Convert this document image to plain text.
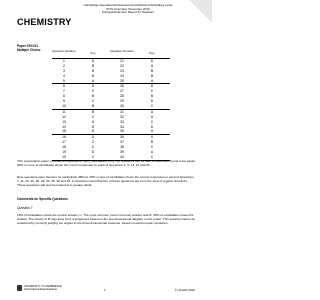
Cambridge International Advanced and Advanced Subsidiary Level
9701 Chemistry November 2010
Principal Examiner Report for Teachers
CHEMISTRY
Paper 9701/11
Multiple Choice	Question Number	Key	Question Number	Key
1	D	21	D
2	B	22	A
3	B	23	B
4	D	24	B
5	A	25	A
6	D	26	D
7	C	27	C
8	B	28	B
9	C	29	D
10	B	30	C
11	B	31	A
12	C	32	A
13	A	33	C
14	D	34	D
15	D	35	A
16	A	36	A
17	C	37	B
18	C	38	C
19	D	39	A
20	C	40	C
This examination paper provided a challenge to many candidates. Only five questions can be said to have been found to be easier. 90% or more of candidates chose the correct responses to each of Questions 2, 5, 14, 16 and 25.
Nine questions were found to be particularly difficult. 25% or less of candidates chose the correct responses to each of Questions 7, 11, 23, 26, 28, 29, 30, 35, 36 and 38. It should be noted that five of these questions are from the area of organic chemistry. These questions will now be looked at in greater detail.
Comments on Specific Questions
Question 7
18% of candidates chose the correct answer, C. The most common (most incorrect) answer was B. 39% of candidates chose this answer. The choice of B may arise from a judgement based on the two-dimensional diagram on the paper. This question had to be answered by correctly judging the angles in the three-dimensional molecule, based on electron-pair repulsions.
UNIVERSITY of CAMBRIDGE
International Examinations	1	© UCLES 2010
